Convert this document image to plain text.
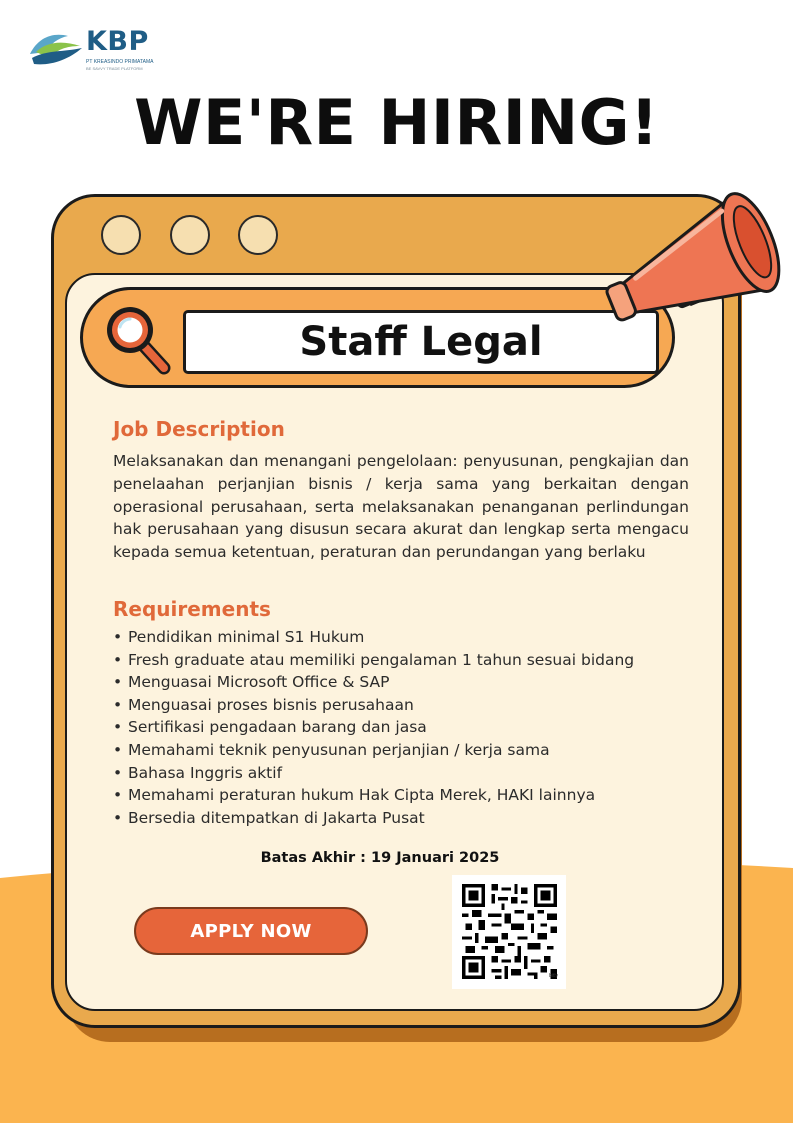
KBP
PT KREASINDO PRIMATAMA
BE SAVVY TRADE PLATFORM
WE'RE HIRING!
Staff Legal
Job Description
Melaksanakan dan menangani pengelolaan: penyusunan, pengkajian dan penelaahan perjanjian bisnis / kerja sama yang berkaitan dengan operasional perusahaan, serta melaksanakan penanganan perlindungan hak perusahaan yang disusun secara akurat dan lengkap serta mengacu kepada semua ketentuan, peraturan dan perundangan yang berlaku
Requirements
• Pendidikan minimal S1 Hukum
• Fresh graduate atau memiliki pengalaman 1 tahun sesuai bidang
• Menguasai Microsoft Office & SAP
• Menguasai proses bisnis perusahaan
• Sertifikasi pengadaan barang dan jasa
• Memahami teknik penyusunan perjanjian / kerja sama
• Bahasa Inggris aktif
• Memahami peraturan hukum Hak Cipta Merek, HAKI lainnya
• Bersedia ditempatkan di Jakarta Pusat
Batas Akhir : 19 Januari 2025
APPLY NOW
bitly
